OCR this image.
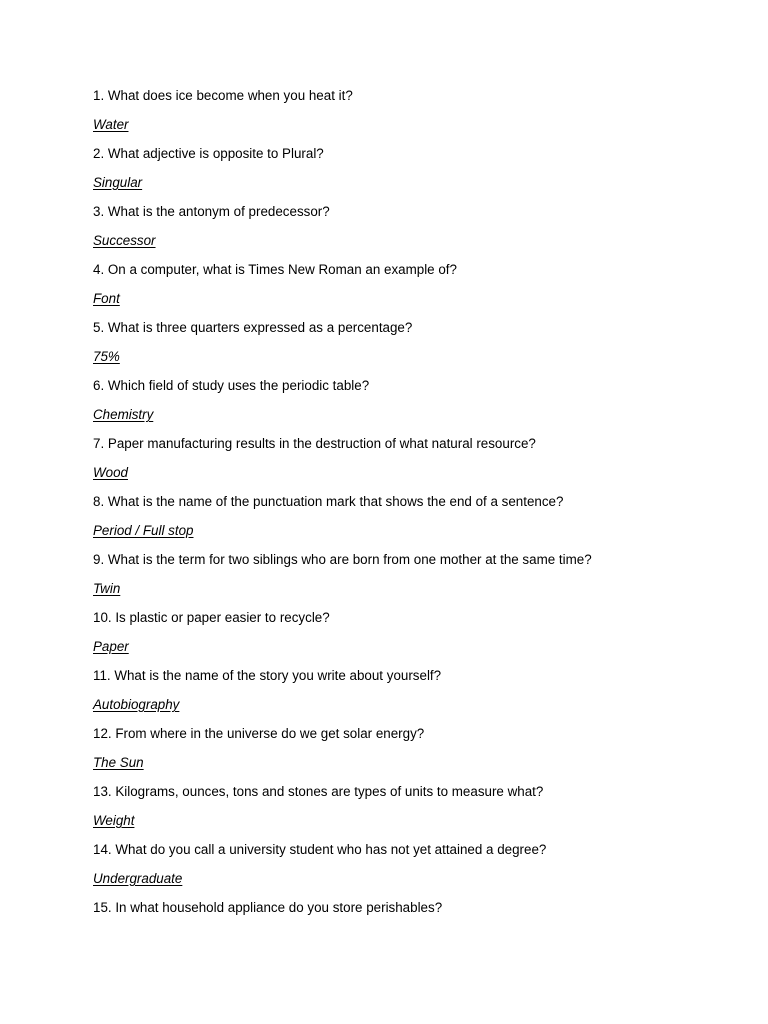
1. What does ice become when you heat it?
Water
2. What adjective is opposite to Plural?
Singular
3. What is the antonym of predecessor?
Successor
4. On a computer, what is Times New Roman an example of?
Font
5. What is three quarters expressed as a percentage?
75%
6. Which field of study uses the periodic table?
Chemistry
7. Paper manufacturing results in the destruction of what natural resource?
Wood
8. What is the name of the punctuation mark that shows the end of a sentence?
Period / Full stop
9. What is the term for two siblings who are born from one mother at the same time?
Twin
10. Is plastic or paper easier to recycle?
Paper
11. What is the name of the story you write about yourself?
Autobiography
12. From where in the universe do we get solar energy?
The Sun
13. Kilograms, ounces, tons and stones are types of units to measure what?
Weight
14. What do you call a university student who has not yet attained a degree?
Undergraduate
15. In what household appliance do you store perishables?
